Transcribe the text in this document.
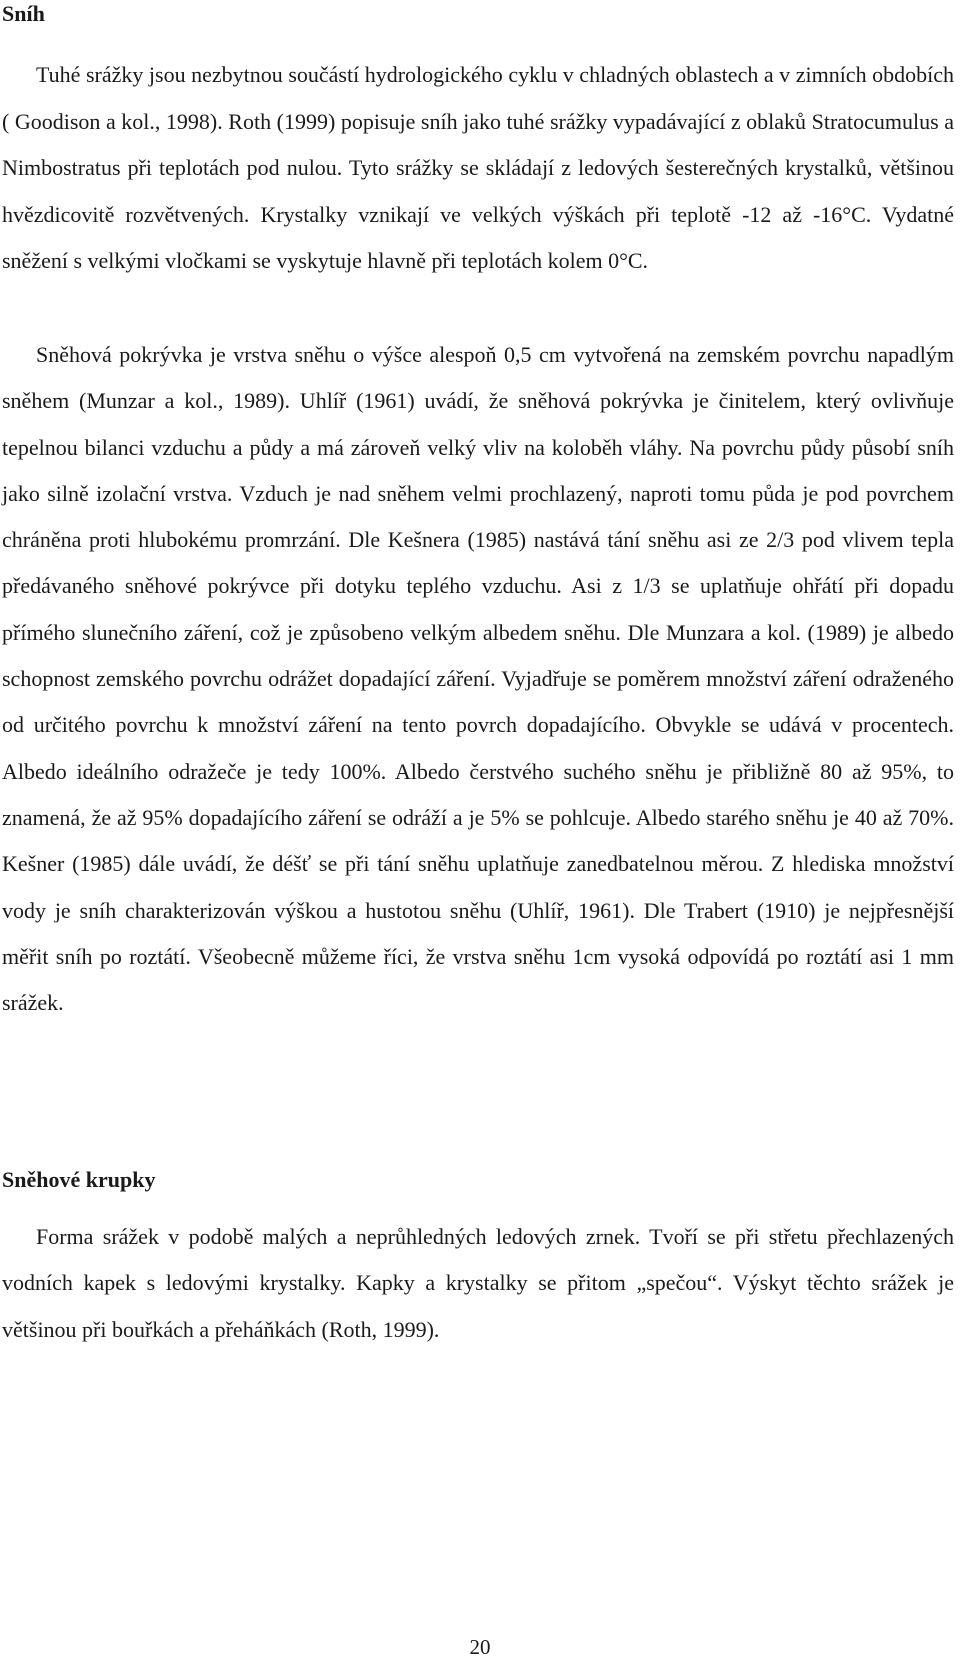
Sníh

Tuhé srážky jsou nezbytnou součástí hydrologického cyklu v chladných oblastech a v zimních obdobích ( Goodison a kol., 1998). Roth (1999) popisuje sníh jako tuhé srážky vypadávající z oblaků Stratocumulus a Nimbostratus při teplotách pod nulou. Tyto srážky se skládají z ledových šesterečných krystalků, většinou hvězdicovitě rozvětvených. Krystalky vznikají ve velkých výškách při teplotě -12 až -16°C. Vydatné sněžení s velkými vločkami se vyskytuje hlavně při teplotách kolem 0°C.

Sněhová pokrývka je vrstva sněhu o výšce alespoň 0,5 cm vytvořená na zemském povrchu napadlým sněhem (Munzar a kol., 1989). Uhlíř (1961) uvádí, že sněhová pokrývka je činitelem, který ovlivňuje tepelnou bilanci vzduchu a půdy a má zároveň velký vliv na koloběh vláhy. Na povrchu půdy působí sníh jako silně izolační vrstva. Vzduch je nad sněhem velmi prochlazený, naproti tomu půda je pod povrchem chráněna proti hlubokému promrzání. Dle Kešnera (1985) nastává tání sněhu asi ze 2/3 pod vlivem tepla předávaného sněhové pokrývce při dotyku teplého vzduchu. Asi z 1/3 se uplatňuje ohřátí při dopadu přímého slunečního záření, což je způsobeno velkým albedem sněhu. Dle Munzara a kol. (1989) je albedo schopnost zemského povrchu odrážet dopadající záření. Vyjadřuje se poměrem množství záření odraženého od určitého povrchu k množství záření na tento povrch dopadajícího. Obvykle se udává v procentech. Albedo ideálního odražeče je tedy 100%. Albedo čerstvého suchého sněhu je přibližně 80 až 95%, to znamená, že až 95% dopadajícího záření se odráží a je 5% se pohlcuje. Albedo starého sněhu je 40 až 70%. Kešner (1985) dále uvádí, že déšť se při tání sněhu uplatňuje zanedbatelnou měrou. Z hlediska množství vody je sníh charakterizován výškou a hustotou sněhu (Uhlíř, 1961). Dle Trabert (1910) je nejpřesnější měřit sníh po roztátí. Všeobecně můžeme říci, že vrstva sněhu 1cm vysoká odpovídá po roztátí asi 1 mm srážek.

Sněhové krupky

Forma srážek v podobě malých a neprůhledných ledových zrnek. Tvoří se při střetu přechlazených vodních kapek s ledovými krystalky. Kapky a krystalky se přitom „spečou“. Výskyt těchto srážek je většinou při bouřkách a přeháňkách (Roth, 1999).

20
